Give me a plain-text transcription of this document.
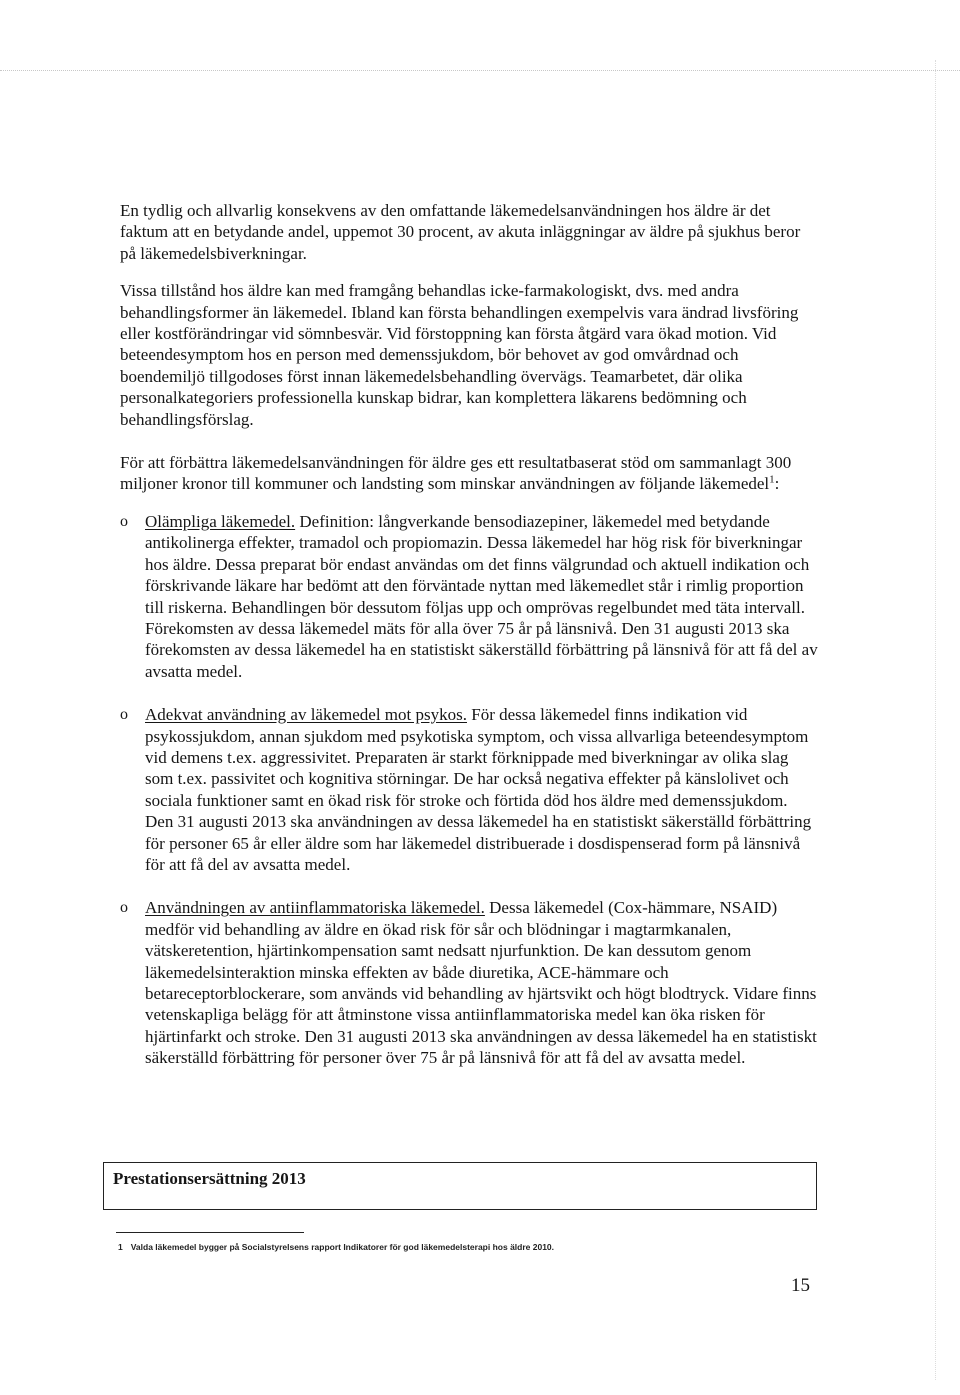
En tydlig och allvarlig konsekvens av den omfattande läkemedelsanvändningen hos äldre är det faktum att en betydande andel, uppemot 30 procent, av akuta inläggningar av äldre på sjukhus beror på läkemedelsbiverkningar.

Vissa tillstånd hos äldre kan med framgång behandlas icke-farmakologiskt, dvs. med andra behandlingsformer än läkemedel. Ibland kan första behandlingen exempelvis vara ändrad livsföring eller kostförändringar vid sömnbesvär. Vid förstoppning kan första åtgärd vara ökad motion. Vid beteendesymptom hos en person med demenssjukdom, bör behovet av god omvårdnad och boendemiljö tillgodoses först innan läkemedelsbehandling övervägs. Teamarbetet, där olika personalkategoriers professionella kunskap bidrar, kan komplettera läkarens bedömning och behandlingsförslag.

För att förbättra läkemedelsanvändningen för äldre ges ett resultatbaserat stöd om sammanlagt 300 miljoner kronor till kommuner och landsting som minskar användningen av följande läkemedel$^1$:

o Olämpliga läkemedel. Definition: långverkande bensodiazepiner, läkemedel med betydande antikolinerga effekter, tramadol och propiomazin. Dessa läkemedel har hög risk för biverkningar hos äldre. Dessa preparat bör endast användas om det finns välgrundad och aktuell indikation och förskrivande läkare har bedömt att den förväntade nyttan med läkemedlet står i rimlig proportion till riskerna. Behandlingen bör dessutom följas upp och omprövas regelbundet med täta intervall. Förekomsten av dessa läkemedel mäts för alla över 75 år på länsnivå. Den 31 augusti 2013 ska förekomsten av dessa läkemedel ha en statistiskt säkerställd förbättring på länsnivå för att få del av avsatta medel.
o Adekvat användning av läkemedel mot psykos. För dessa läkemedel finns indikation vid psykossjukdom, annan sjukdom med psykotiska symptom, och vissa allvarliga beteendesymptom vid demens t.ex. aggressivitet. Preparaten är starkt förknippade med biverkningar av olika slag som t.ex. passivitet och kognitiva störningar. De har också negativa effekter på känslolivet och sociala funktioner samt en ökad risk för stroke och förtida död hos äldre med demenssjukdom. Den 31 augusti 2013 ska användningen av dessa läkemedel ha en statistiskt säkerställd förbättring för personer 65 år eller äldre som har läkemedel distribuerade i dosdispenserad form på länsnivå för att få del av avsatta medel.
o Användningen av antiinflammatoriska läkemedel. Dessa läkemedel (Cox-hämmare, NSAID) medför vid behandling av äldre en ökad risk för sår och blödningar i magtarmkanalen, vätskeretention, hjärtinkompensation samt nedsatt njurfunktion. De kan dessutom genom läkemedelsinteraktion minska effekten av både diuretika, ACE-hämmare och betareceptorblockerare, som används vid behandling av hjärtsvikt och högt blodtryck. Vidare finns vetenskapliga belägg för att åtminstone vissa antiinflammatoriska medel kan öka risken för hjärtinfarkt och stroke. Den 31 augusti 2013 ska användningen av dessa läkemedel ha en statistiskt säkerställd förbättring för personer över 75 år på länsnivå för att få del av avsatta medel.
Prestationsersättning 2013
1 Valda läkemedel bygger på Socialstyrelsens rapport Indikatorer för god läkemedelsterapi hos äldre 2010.
15
